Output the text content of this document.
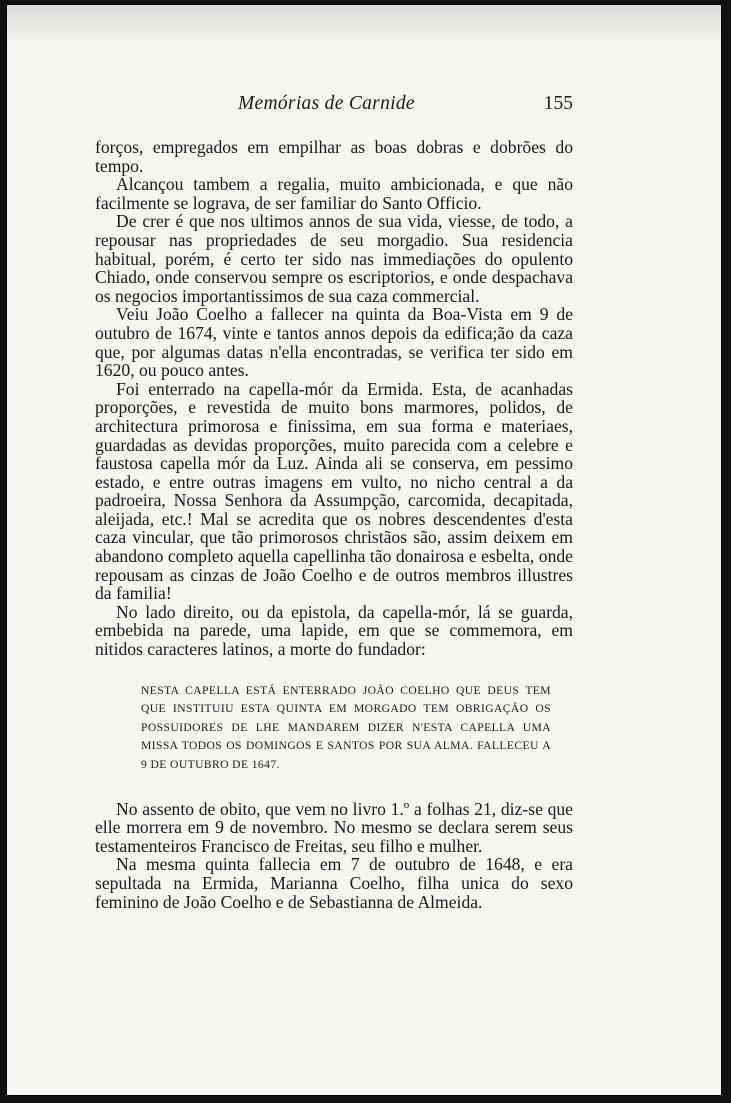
Memórias de Carnide	155

forços, empregados em empilhar as boas dobras e dobrões do tempo.

Alcançou tambem a regalia, muito ambicionada, e que não facilmente se lograva, de ser familiar do Santo Officio.

De crer é que nos ultimos annos de sua vida, viesse, de todo, a repousar nas propriedades de seu morgadio. Sua residencia habitual, porém, é certo ter sido nas immediações do opulento Chiado, onde conservou sempre os escriptorios, e onde despachava os negocios importantissimos de sua caza commercial.

Veiu João Coelho a fallecer na quinta da Boa-Vista em 9 de outubro de 1674, vinte e tantos annos depois da edifica;ão da caza que, por algumas datas n'ella encontradas, se verifica ter sido em 1620, ou pouco antes.

Foi enterrado na capella-mór da Ermida. Esta, de acanhadas proporções, e revestida de muito bons marmores, polidos, de architectura primorosa e finissima, em sua forma e materiaes, guardadas as devidas proporções, muito parecida com a celebre e faustosa capella mór da Luz. Ainda ali se conserva, em pessimo estado, e entre outras imagens em vulto, no nicho central a da padroeira, Nossa Senhora da Assumpção, carcomida, decapitada, aleijada, etc.! Mal se acredita que os nobres descendentes d'esta caza vincular, que tão primorosos christãos são, assim deixem em abandono completo aquella capellinha tão donairosa e esbelta, onde repousam as cinzas de João Coelho e de outros membros illustres da familia!

No lado direito, ou da epistola, da capella-mór, lá se guarda, embebida na parede, uma lapide, em que se commemora, em nitidos caracteres latinos, a morte do fundador:

NESTA CAPELLA ESTÁ ENTERRADO JOÃO COELHO QUE DEUS TEM QUE INSTITUIU ESTA QUINTA EM MORGADO TEM OBRIGAÇÃO OS POSSUIDORES DE LHE MANDAREM DIZER N'ESTA CAPELLA UMA MISSA TODOS OS DOMINGOS E SANTOS POR SUA ALMA. FALLECEU A 9 DE OUTUBRO DE 1647.

No assento de obito, que vem no livro 1.º a folhas 21, diz-se que elle morrera em 9 de novembro. No mesmo se declara serem seus testamenteiros Francisco de Freitas, seu filho e mulher.

Na mesma quinta fallecia em 7 de outubro de 1648, e era sepultada na Ermida, Marianna Coelho, filha unica do sexo feminino de João Coelho e de Sebastianna de Almeida.
